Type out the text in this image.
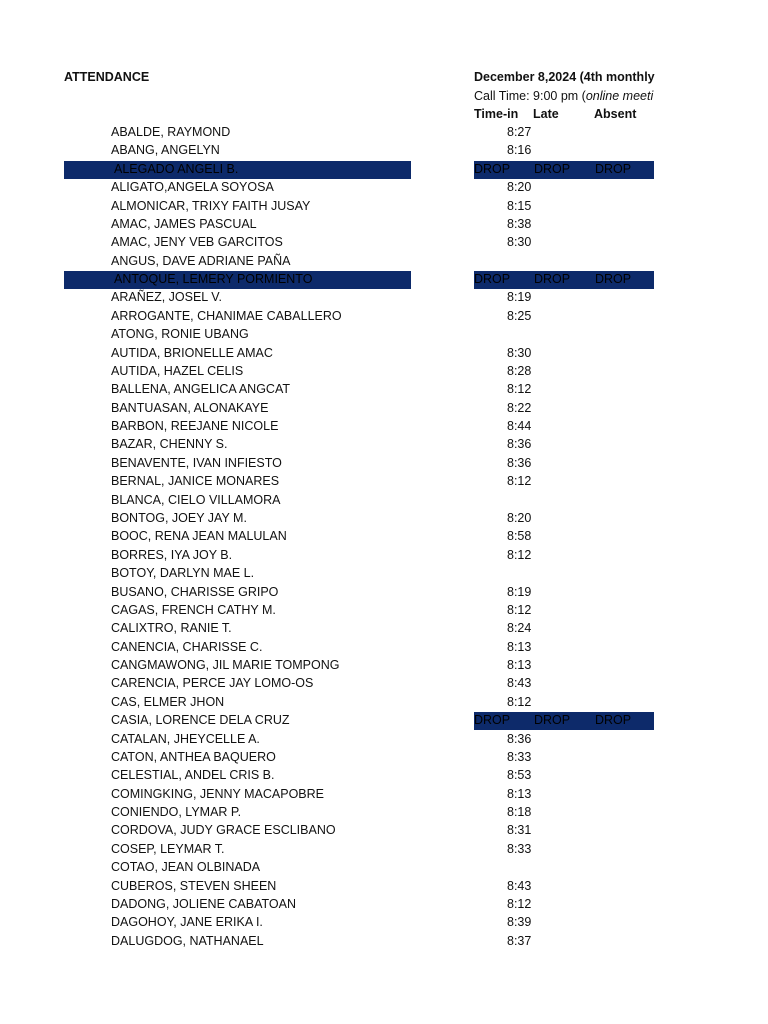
ATTENDANCE	December 8,2024 (4th monthly
Call Time: 9:00 pm (online meeti
Time-in Late	Absent
ABALDE, RAYMOND	8:27
ABANG, ANGELYN	8:16
ALEGADO ANGELI B.	DROP DROP DROP
ALIGATO,ANGELA SOYOSA	8:20
ALMONICAR, TRIXY FAITH JUSAY	8:15
AMAC, JAMES PASCUAL	8:38
AMAC, JENY VEB GARCITOS	8:30
ANGUS, DAVE ADRIANE PAÑA
ANTOQUE, LEMERY PORMIENTO	DROP DROP DROP
ARAÑEZ, JOSEL V.	8:19
ARROGANTE, CHANIMAE CABALLERO	8:25
ATONG, RONIE UBANG
AUTIDA, BRIONELLE AMAC	8:30
AUTIDA, HAZEL CELIS	8:28
BALLENA, ANGELICA ANGCAT	8:12
BANTUASAN, ALONAKAYE	8:22
BARBON, REEJANE NICOLE	8:44
BAZAR, CHENNY S.	8:36
BENAVENTE, IVAN INFIESTO	8:36
BERNAL, JANICE MONARES	8:12
BLANCA, CIELO VILLAMORA
BONTOG, JOEY JAY M.	8:20
BOOC, RENA JEAN MALULAN	8:58
BORRES, IYA JOY B.	8:12
BOTOY, DARLYN MAE L.
BUSANO, CHARISSE GRIPO	8:19
CAGAS, FRENCH CATHY M.	8:12
CALIXTRO, RANIE T.	8:24
CANENCIA, CHARISSE C.	8:13
CANGMAWONG, JIL MARIE TOMPONG	8:13
CARENCIA, PERCE JAY LOMO-OS	8:43
CAS, ELMER JHON	8:12
CASIA, LORENCE DELA CRUZ	DROP DROP DROP
CATALAN, JHEYCELLE A.	8:36
CATON, ANTHEA BAQUERO	8:33
CELESTIAL, ANDEL CRIS B.	8:53
COMINGKING, JENNY MACAPOBRE	8:13
CONIENDO, LYMAR P.	8:18
CORDOVA, JUDY GRACE ESCLIBANO	8:31
COSEP, LEYMAR T.	8:33
COTAO, JEAN OLBINADA
CUBEROS, STEVEN SHEEN	8:43
DADONG, JOLIENE CABATOAN	8:12
DAGOHOY, JANE ERIKA I.	8:39
DALUGDOG, NATHANAEL	8:37
